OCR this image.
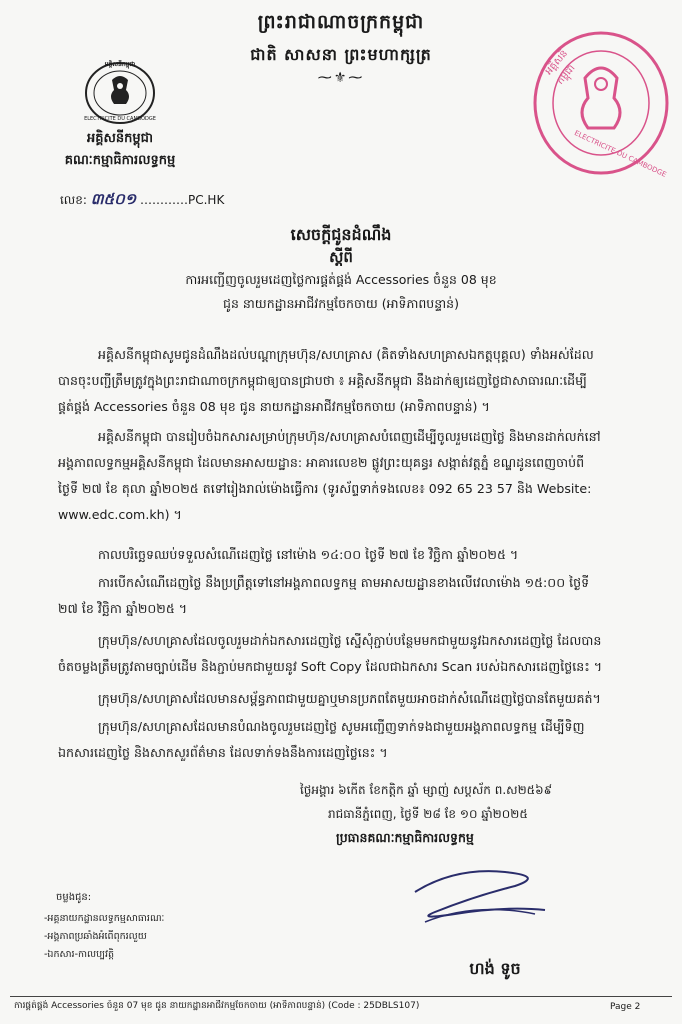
ព្រះរាជាណាចក្រកម្ពុជា
ជាតិ សាសនា ព្រះមហាក្សត្រ
⁓⚜⁓
អគ្គិសនីកម្ពុជា
ELECTRICITE DU CAMBODGE
អគ្គិសនីកម្ពុជា
គណៈកម្មាធិការលទ្ធកម្ម
លេខ: ៣៥០១ …………PC.HK
អគ្គិសនីកម្ពុជា
ELECTRICITE DU CAMBODGE
សេចក្តីជូនដំណឹង
ស្តីពី
ការអញ្ជើញចូលរួមដេញថ្លៃការផ្គត់ផ្គង់ Accessories ចំនួន 08 មុខ
ជូន នាយកដ្ឋានអាជីវកម្មចែកចាយ (អាទិភាពបន្ទាន់)
អគ្គិសនីកម្ពុជាសូមជូនដំណឹងដល់បណ្តាក្រុមហ៊ុន/សហគ្រាស (គិតទាំងសហគ្រាសឯកត្តបុគ្គល) ទាំងអស់ដែល
បានចុះបញ្ជីត្រឹមត្រូវក្នុងព្រះរាជាណាចក្រកម្ពុជាឲ្យបានជ្រាបថា ៖ អគ្គិសនីកម្ពុជា នឹងដាក់ឲ្យដេញថ្លៃជាសាធារណៈដើម្បី
ផ្គត់ផ្គង់ Accessories ចំនួន 08 មុខ ជូន នាយកដ្ឋានអាជីវកម្មចែកចាយ (អាទិភាពបន្ទាន់) ។
អគ្គិសនីកម្ពុជា បានរៀបចំឯកសារសម្រាប់ក្រុមហ៊ុន/សហគ្រាសបំពេញដើម្បីចូលរួមដេញថ្លៃ និងមានដាក់លក់នៅ
អង្គភាពលទ្ធកម្មអគ្គិសនីកម្ពុជា ដែលមានអាសយដ្ឋាន: អាគារលេខ២ ផ្លូវព្រះយុគន្ធរ សង្កាត់វត្តភ្នំ ខណ្ឌដូនពេញចាប់ពី
ថ្ងៃទី ២៧ ខែ តុលា ឆ្នាំ២០២៥ តទៅរៀងរាល់ម៉ោងធ្វើការ (ទូរស័ព្ទទាក់ទងលេខ៖ 092 65 23 57 និង Website:
www.edc.com.kh) ។
កាលបរិច្ឆេទឈប់ទទួលសំណើដេញថ្លៃ នៅម៉ោង ១៤:០០ ថ្ងៃទី ២៧ ខែ វិច្ឆិកា ឆ្នាំ២០២៥ ។
ការបើកសំណើដេញថ្លៃ នឹងប្រព្រឹត្តទៅនៅអង្គភាពលទ្ធកម្ម តាមអាសយដ្ឋានខាងលើវេលាម៉ោង ១៥:០០ ថ្ងៃទី
២៧ ខែ វិច្ឆិកា ឆ្នាំ២០២៥ ។
ក្រុមហ៊ុន/សហគ្រាសដែលចូលរួមដាក់ឯកសារដេញថ្លៃ ស្នើសុំភ្ជាប់បន្ថែមមកជាមួយនូវឯកសារដេញថ្លៃ ដែលបាន
ចំតចម្លងត្រឹមត្រូវតាមច្បាប់ដើម និងភ្ជាប់មកជាមួយនូវ Soft Copy ដែលជាឯកសារ Scan របស់ឯកសារដេញថ្លៃនេះ ។
ក្រុមហ៊ុន/សហគ្រាសដែលមានសម្ព័ន្ធភាពជាមួយគ្នាឬមានប្រភពតែមួយអាចដាក់សំណើដេញថ្លៃបានតែមួយគត់។
ក្រុមហ៊ុន/សហគ្រាសដែលមានបំណងចូលរួមដេញថ្លៃ សូមអញ្ជើញទាក់ទងជាមួយអង្គភាពលទ្ធកម្ម ដើម្បីទិញ
ឯកសារដេញថ្លៃ និងសាកសួរព័ត៌មាន ដែលទាក់ទងនឹងការដេញថ្លៃនេះ ។
ថ្ងៃអង្គារ ៦កើត ខែកត្តិក ឆ្នាំ ម្សាញ់ សប្តស័ក ព.ស២៥៦៩
រាជធានីភ្នំពេញ, ថ្ងៃទី ២៨ ខែ ១០ ឆ្នាំ២០២៥
ប្រធានគណៈកម្មាធិការលទ្ធកម្ម
ចម្លងជូន:
-អគ្គនាយកដ្ឋានលទ្ធកម្មសាធារណៈ
-អង្គភាពប្រឆាំងអំពើពុករលួយ
-ឯកសារ-កាលប្បវត្តិ
ហង់ ទូច
ការផ្គត់ផ្គង់ Accessories ចំនួន 07 មុខ ជូន នាយកដ្ឋានអាជីវកម្មចែកចាយ (អាទិភាពបន្ទាន់) (Code : 25DBLS107)	Page 2
